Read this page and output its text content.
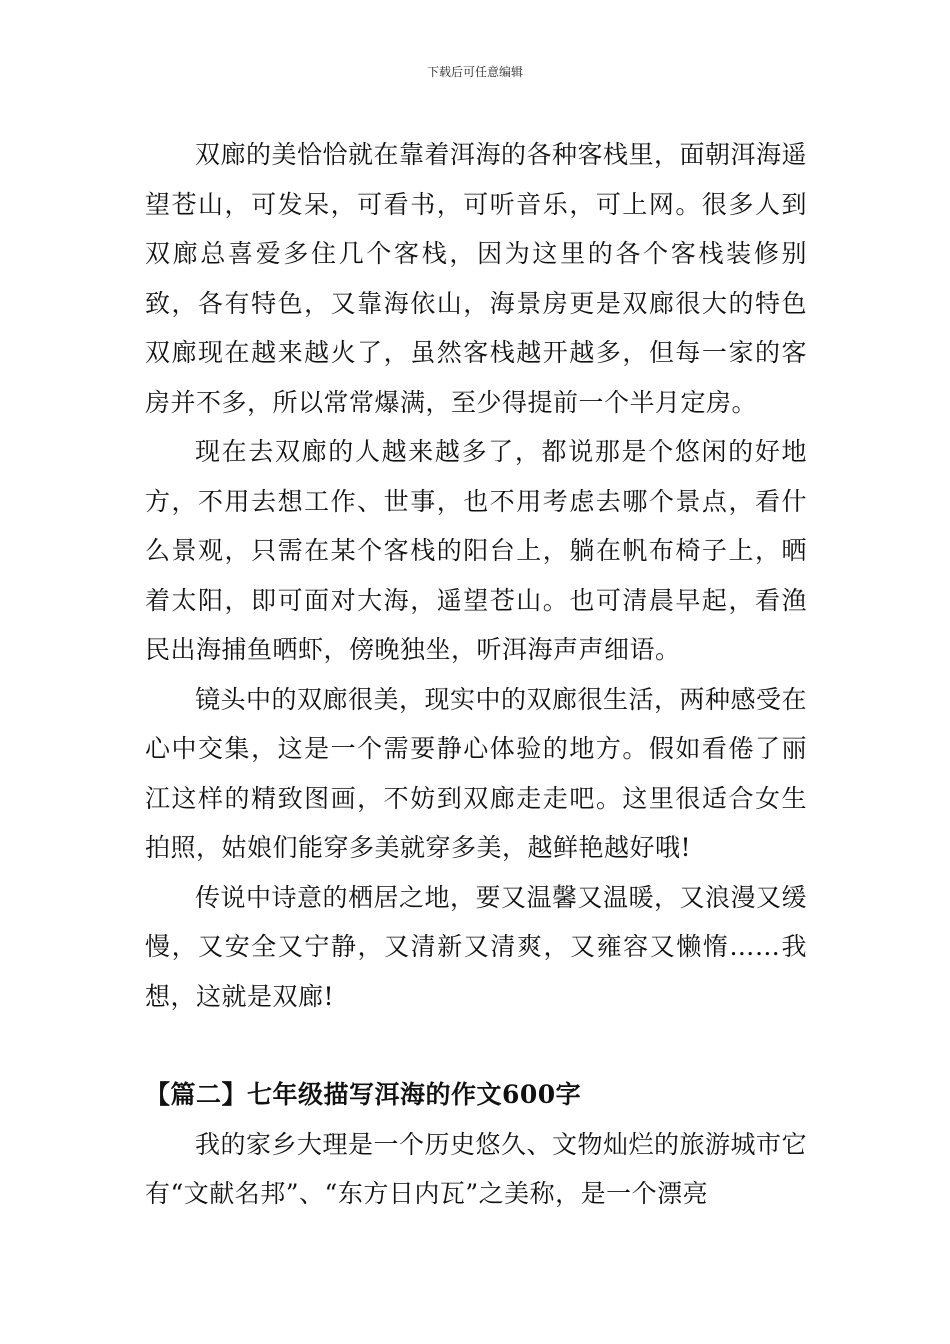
下载后可任意编辑

双廊的美恰恰就在靠着洱海的各种客栈里，面朝洱海遥望苍山，可发呆，可看书，可听音乐，可上网。很多人到双廊总喜爱多住几个客栈，因为这里的各个客栈装修别致，各有特色，又靠海依山，海景房更是双廊很大的特色双廊现在越来越火了，虽然客栈越开越多，但每一家的客房并不多，所以常常爆满，至少得提前一个半月定房。

现在去双廊的人越来越多了，都说那是个悠闲的好地方，不用去想工作、世事，也不用考虑去哪个景点，看什么景观，只需在某个客栈的阳台上，躺在帆布椅子上，晒着太阳，即可面对大海，遥望苍山。也可清晨早起，看渔民出海捕鱼晒虾，傍晚独坐，听洱海声声细语。

镜头中的双廊很美，现实中的双廊很生活，两种感受在心中交集，这是一个需要静心体验的地方。假如看倦了丽江这样的精致图画，不妨到双廊走走吧。这里很适合女生拍照，姑娘们能穿多美就穿多美，越鲜艳越好哦!

传说中诗意的栖居之地，要又温馨又温暖，又浪漫又缓慢，又安全又宁静，又清新又清爽，又雍容又懒惰……我想，这就是双廊!

【篇二】七年级描写洱海的作文600字

我的家乡大理是一个历史悠久、文物灿烂的旅游城市它有“文献名邦”、“东方日内瓦”之美称，是一个漂亮
